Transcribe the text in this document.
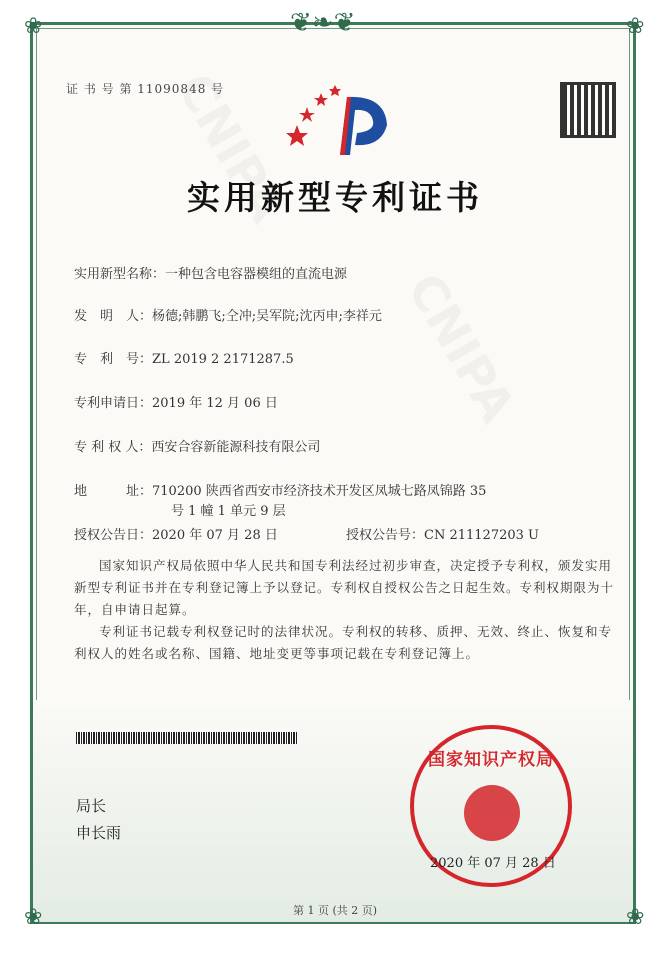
❦❧❦
❀	❀
❀	❀
证 书 号 第 11090848 号
实用新型专利证书
实用新型名称：一种包含电容器模组的直流电源
发　明　人：杨德;韩鹏飞;仝冲;吴军院;沈丙申;李祥元
专　利　号：ZL 2019 2 2171287.5
专利申请日：2019 年 12 月 06 日
专 利 权 人：西安合容新能源科技有限公司
地　　　址：710200 陕西省西安市经济技术开发区凤城七路凤锦路 35
号 1 幢 1 单元 9 层
授权公告日：2020 年 07 月 28 日	授权公告号：CN 211127203 U
国家知识产权局依照中华人民共和国专利法经过初步审查，决定授予专利权，颁发实用新型专利证书并在专利登记簿上予以登记。专利权自授权公告之日起生效。专利权期限为十年，自申请日起算。
专利证书记载专利权登记时的法律状况。专利权的转移、质押、无效、终止、恢复和专利权人的姓名或名称、国籍、地址变更等事项记载在专利登记簿上。
局长
申长雨
国家知识产权局
2020 年 07 月 28 日
第 1 页 (共 2 页)
